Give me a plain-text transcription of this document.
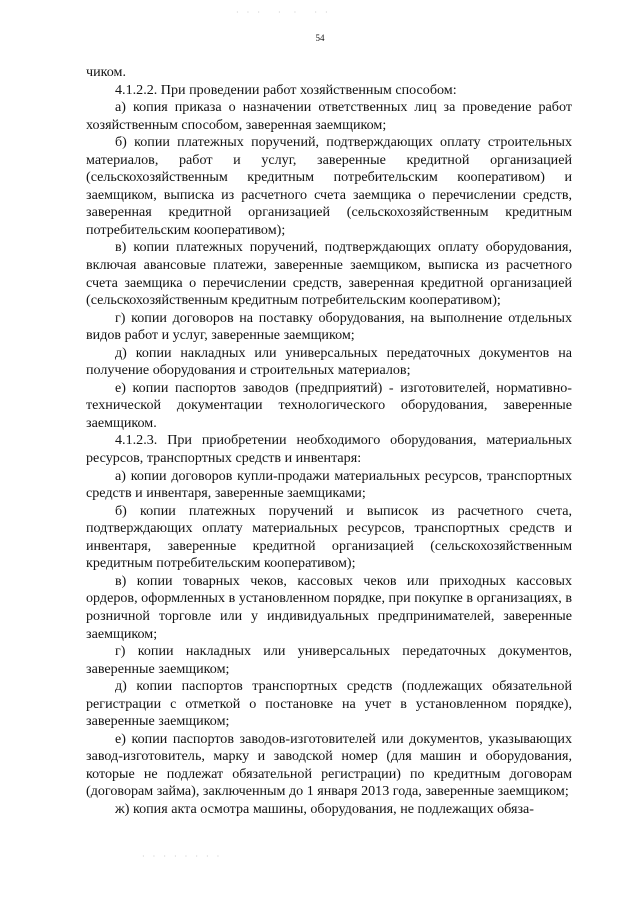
· · ·   ·  ·   · ·
54

чиком.

4.1.2.2. При проведении работ хозяйственным способом:

а) копия приказа о назначении ответственных лиц за проведение работ хозяйственным способом, заверенная заемщиком;

б) копии платежных поручений, подтверждающих оплату строительных материалов, работ и услуг, заверенные кредитной организацией (сельскохозяйственным кредитным потребительским кооперативом) и заемщиком, выписка из расчетного счета заемщика о перечислении средств, заверенная кредитной организацией (сельскохозяйственным кредитным потребительским кооперативом);

в) копии платежных поручений, подтверждающих оплату оборудования, включая авансовые платежи, заверенные заемщиком, выписка из расчетного счета заемщика о перечислении средств, заверенная кредитной организацией (сельскохозяйственным кредитным потребительским кооперативом);

г) копии договоров на поставку оборудования, на выполнение отдельных видов работ и услуг, заверенные заемщиком;

д) копии накладных или универсальных передаточных документов на получение оборудования и строительных материалов;

е) копии паспортов заводов (предприятий) - изготовителей, нормативно-технической документации технологического оборудования, заверенные заемщиком.

4.1.2.3. При приобретении необходимого оборудования, материальных ресурсов, транспортных средств и инвентаря:

а) копии договоров купли-продажи материальных ресурсов, транспортных средств и инвентаря, заверенные заемщиками;

б) копии платежных поручений и выписок из расчетного счета, подтверждающих оплату материальных ресурсов, транспортных средств и инвентаря, заверенные кредитной организацией (сельскохозяйственным кредитным потребительским кооперативом);

в) копии товарных чеков, кассовых чеков или приходных кассовых ордеров, оформленных в установленном порядке, при покупке в организациях, в розничной торговле или у индивидуальных предпринимателей, заверенные заемщиком;

г) копии накладных или универсальных передаточных документов, заверенные заемщиком;

д) копии паспортов транспортных средств (подлежащих обязательной регистрации с отметкой о постановке на учет в установленном порядке), заверенные заемщиком;

е) копии паспортов заводов-изготовителей или документов, указывающих завод-изготовитель, марку и заводской номер (для машин и оборудования, которые не подлежат обязательной регистрации) по кредитным договорам (договорам займа), заключенным до 1 января 2013 года, заверенные заемщиком;

ж) копия акта осмотра машины, оборудования, не подлежащих обяза-

· · · · · · · ·
